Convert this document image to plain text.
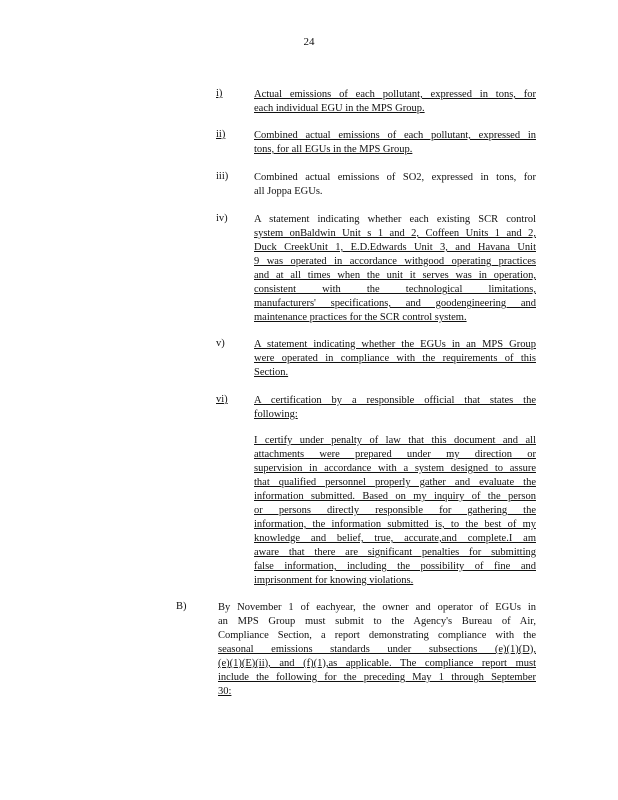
24
i)	Actual emissions of each pollutant, expressed in tons, for
each individual EGU in the MPS Group.
ii)	Combined actual emissions of each pollutant, expressed in
tons, for all EGUs in the MPS Group.
iii)	Combined actual emissions of SO2, expressed in tons, for
all Joppa EGUs.
iv)	A statement indicating whether each existing SCR control
system onBaldwin Unit s 1 and 2, Coffeen Units 1 and 2,
Duck CreekUnit 1, E.D.Edwards Unit 3, and Havana Unit
9 was operated in accordance withgood operating practices
and at all times when the unit it serves was in operation,
consistent with the technological limitations,
manufacturers' specifications, and goodengineering and
maintenance practices for the SCR control system.
v)	A statement indicating whether the EGUs in an MPS Group
were operated in compliance with the requirements of this
Section.
vi)	A certification by a responsible official that states the
following:
I certify under penalty of law that this document and all
attachments were prepared under my direction or
supervision in accordance with a system designed to assure
that qualified personnel properly gather and evaluate the
information submitted. Based on my inquiry of the person
or persons directly responsible for gathering the
information, the information submitted is, to the best of my
knowledge and belief, true, accurate,and complete.I am
aware that there are significant penalties for submitting
false information, including the possibility of fine and
imprisonment for knowing violations.
B)	By November 1 of eachyear, the owner and operator of EGUs in
an MPS Group must submit to the Agency's Bureau of Air,
Compliance Section, a report demonstrating compliance with the
seasonal emissions standards under subsections (e)(1)(D),
(e)(1)(E)(ii), and (f)(1),as applicable. The compliance report must
include the following for the preceding May 1 through September
30:
